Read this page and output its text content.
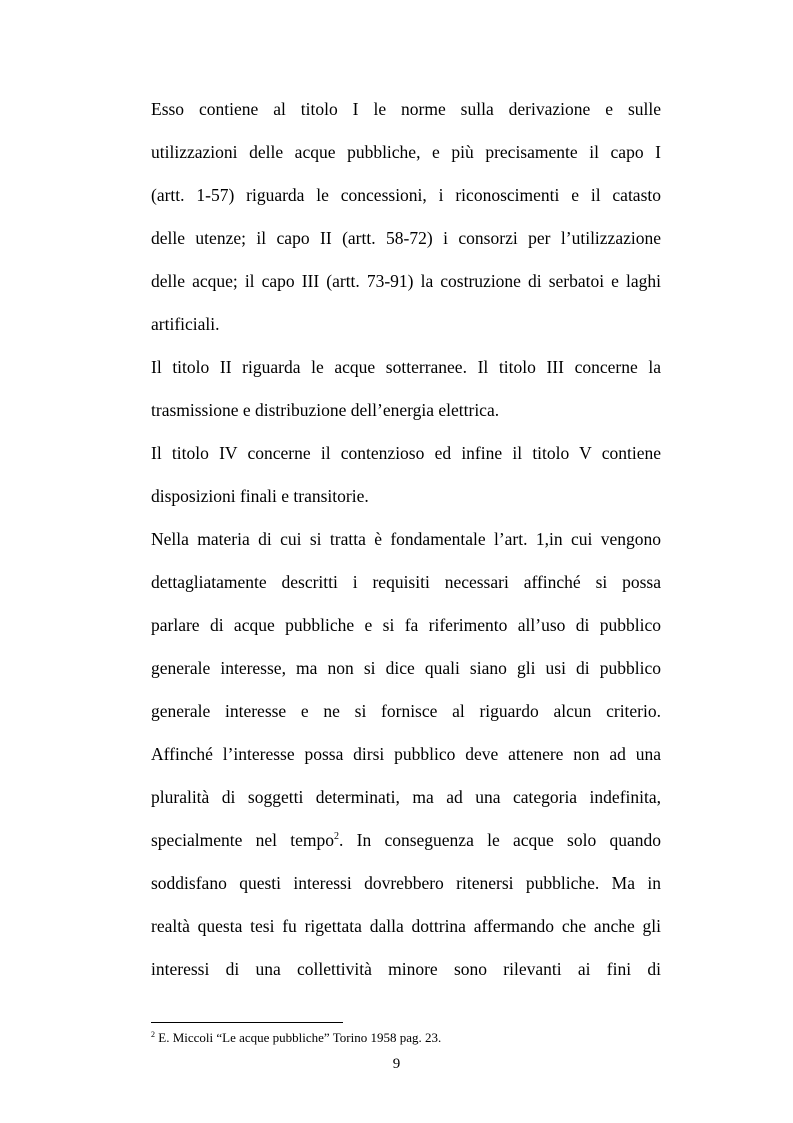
Esso contiene al titolo I le norme sulla derivazione e sulle
utilizzazioni delle acque pubbliche, e più precisamente il capo I
(artt. 1-57) riguarda le concessioni, i riconoscimenti e il catasto
delle utenze; il capo II (artt. 58-72) i consorzi per l’utilizzazione
delle acque; il capo III (artt. 73-91) la costruzione di serbatoi e laghi
artificiali.

Il titolo II riguarda le acque sotterranee. Il titolo III concerne la
trasmissione e distribuzione dell’energia elettrica.

Il titolo IV concerne il contenzioso ed infine il titolo V contiene
disposizioni finali e transitorie.

Nella materia di cui si tratta è fondamentale l’art. 1,in cui vengono
dettagliatamente descritti i requisiti necessari affinché si possa
parlare di acque pubbliche e si fa riferimento all’uso di pubblico
generale interesse, ma non si dice quali siano gli usi di pubblico
generale interesse e ne si fornisce al riguardo alcun criterio.
Affinché l’interesse possa dirsi pubblico deve attenere non ad una
pluralità di soggetti determinati, ma ad una categoria indefinita,
specialmente nel tempo$^2$. In conseguenza le acque solo quando
soddisfano questi interessi dovrebbero ritenersi pubbliche. Ma in
realtà questa tesi fu rigettata dalla dottrina affermando che anche gli
interessi di una collettività minore sono rilevanti ai fini di

$^2$ E. Miccoli “Le acque pubbliche” Torino 1958 pag. 23.
9
